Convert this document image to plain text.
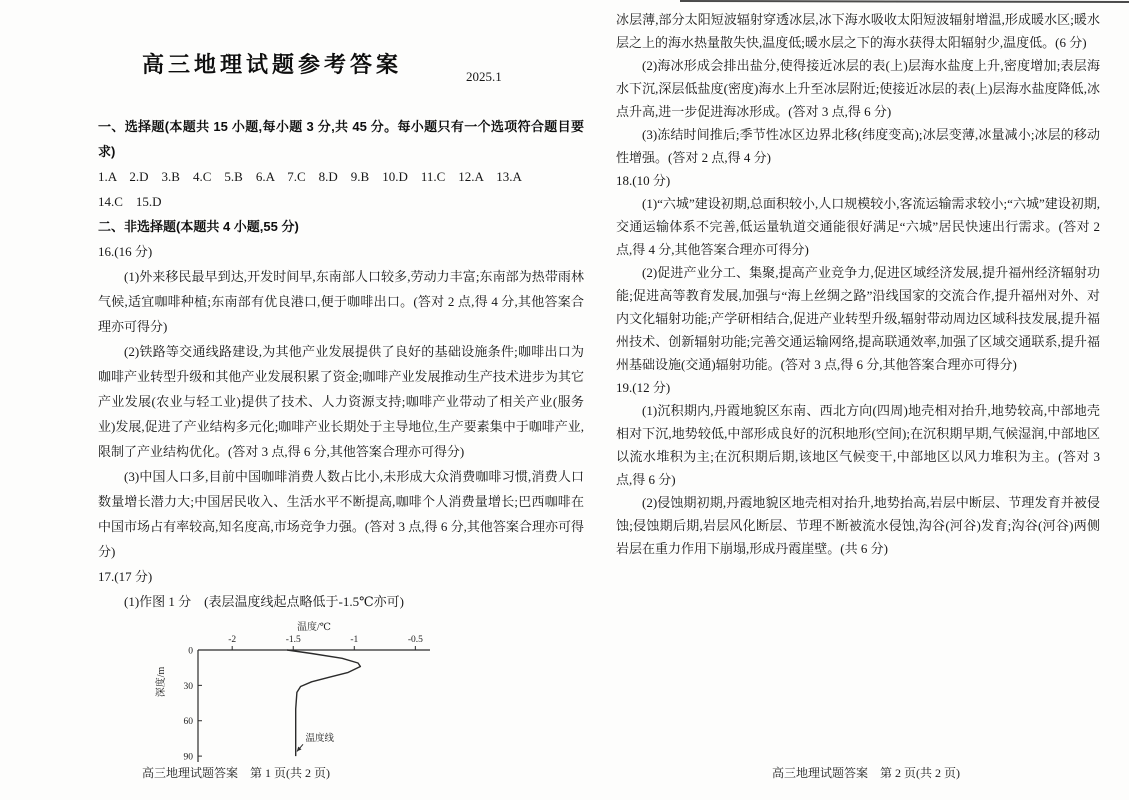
高三地理试题参考答案	2025.1

一、选择题(本题共 15 小题,每小题 3 分,共 45 分。每小题只有一个选项符合题目要求)

1.A　2.D　3.B　4.C　5.B　6.A　7.C　8.D　9.B　10.D　11.C　12.A　13.A

14.C　15.D

二、非选择题(本题共 4 小题,55 分)

16.(16 分)

(1)外来移民最早到达,开发时间早,东南部人口较多,劳动力丰富;东南部为热带雨林气候,适宜咖啡种植;东南部有优良港口,便于咖啡出口。(答对 2 点,得 4 分,其他答案合理亦可得分)

(2)铁路等交通线路建设,为其他产业发展提供了良好的基础设施条件;咖啡出口为咖啡产业转型升级和其他产业发展积累了资金;咖啡产业发展推动生产技术进步为其它产业发展(农业与轻工业)提供了技术、人力资源支持;咖啡产业带动了相关产业(服务业)发展,促进了产业结构多元化;咖啡产业长期处于主导地位,生产要素集中于咖啡产业,限制了产业结构优化。(答对 3 点,得 6 分,其他答案合理亦可得分)

(3)中国人口多,目前中国咖啡消费人数占比小,未形成大众消费咖啡习惯,消费人口数量增长潜力大;中国居民收入、生活水平不断提高,咖啡个人消费量增长;巴西咖啡在中国市场占有率较高,知名度高,市场竞争力强。(答对 3 点,得 6 分,其他答案合理亦可得分)

17.(17 分)

(1)作图 1 分　(表层温度线起点略低于-1.5℃亦可)

温度/℃
深度/m
-2	-1.5	-1	-0.5
0
30
60
90
温度线

冰层薄,部分太阳短波辐射穿透冰层,冰下海水吸收太阳短波辐射增温,形成暖水区;暖水层之上的海水热量散失快,温度低;暖水层之下的海水获得太阳辐射少,温度低。(6 分)

(2)海冰形成会排出盐分,使得接近冰层的表(上)层海水盐度上升,密度增加;表层海水下沉,深层低盐度(密度)海水上升至冰层附近;使接近冰层的表(上)层海水盐度降低,冰点升高,进一步促进海冰形成。(答对 3 点,得 6 分)

(3)冻结时间推后;季节性冰区边界北移(纬度变高);冰层变薄,冰量减小;冰层的移动性增强。(答对 2 点,得 4 分)

18.(10 分)

(1)“六城”建设初期,总面积较小,人口规模较小,客流运输需求较小;“六城”建设初期,交通运输体系不完善,低运量轨道交通能很好满足“六城”居民快速出行需求。(答对 2 点,得 4 分,其他答案合理亦可得分)

(2)促进产业分工、集聚,提高产业竞争力,促进区域经济发展,提升福州经济辐射功能;促进高等教育发展,加强与“海上丝绸之路”沿线国家的交流合作,提升福州对外、对内文化辐射功能;产学研相结合,促进产业转型升级,辐射带动周边区域科技发展,提升福州技术、创新辐射功能;完善交通运输网络,提高联通效率,加强了区域交通联系,提升福州基础设施(交通)辐射功能。(答对 3 点,得 6 分,其他答案合理亦可得分)

19.(12 分)

(1)沉积期内,丹霞地貌区东南、西北方向(四周)地壳相对抬升,地势较高,中部地壳相对下沉,地势较低,中部形成良好的沉积地形(空间);在沉积期早期,气候湿润,中部地区以流水堆积为主;在沉积期后期,该地区气候变干,中部地区以风力堆积为主。(答对 3 点,得 6 分)

(2)侵蚀期初期,丹霞地貌区地壳相对抬升,地势抬高,岩层中断层、节理发育并被侵蚀;侵蚀期后期,岩层风化断层、节理不断被流水侵蚀,沟谷(河谷)发育;沟谷(河谷)两侧岩层在重力作用下崩塌,形成丹霞崖壁。(共 6 分)

高三地理试题答案　第 1 页(共 2 页)	高三地理试题答案　第 2 页(共 2 页)
